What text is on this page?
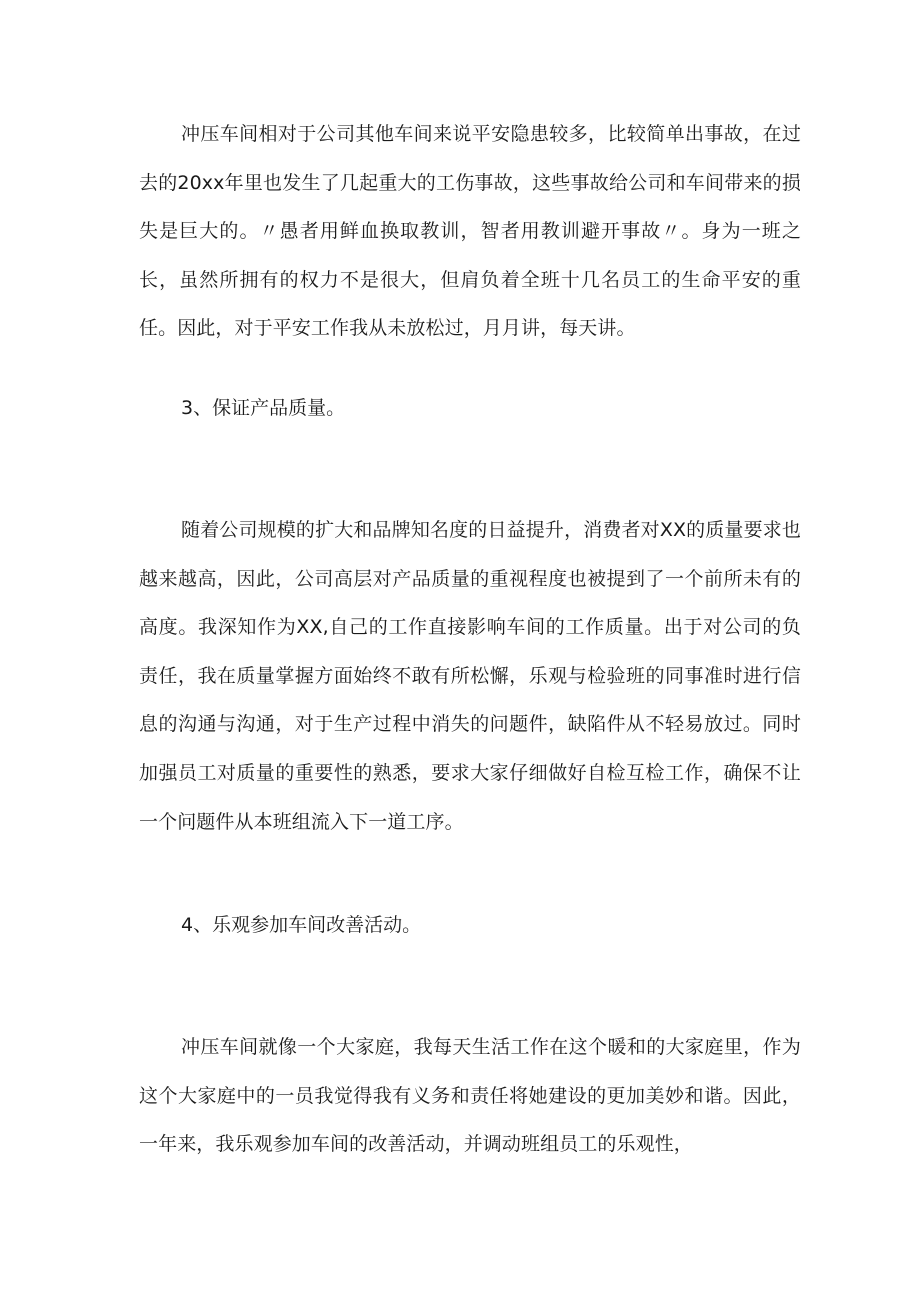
冲压车间相对于公司其他车间来说平安隐患较多，比较简单出事故，在过去的20xx年里也发生了几起重大的工伤事故，这些事故给公司和车间带来的损失是巨大的。〃愚者用鲜血换取教训，智者用教训避开事故〃。身为一班之长，虽然所拥有的权力不是很大，但肩负着全班十几名员工的生命平安的重任。因此，对于平安工作我从未放松过，月月讲，每天讲。

3、保证产品质量。

随着公司规模的扩大和品牌知名度的日益提升，消费者对XX的质量要求也越来越高，因此，公司高层对产品质量的重视程度也被提到了一个前所未有的高度。我深知作为XX,自己的工作直接影响车间的工作质量。出于对公司的负责任，我在质量掌握方面始终不敢有所松懈，乐观与检验班的同事准时进行信息的沟通与沟通，对于生产过程中消失的问题件，缺陷件从不轻易放过。同时加强员工对质量的重要性的熟悉，要求大家仔细做好自检互检工作，确保不让一个问题件从本班组流入下一道工序。

4、乐观参加车间改善活动。

冲压车间就像一个大家庭，我每天生活工作在这个暖和的大家庭里，作为这个大家庭中的一员我觉得我有义务和责任将她建设的更加美妙和谐。因此，一年来，我乐观参加车间的改善活动，并调动班组员工的乐观性，
